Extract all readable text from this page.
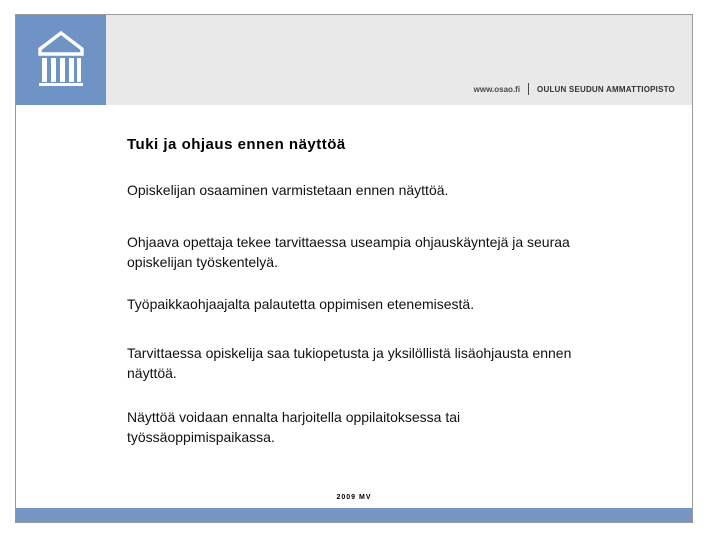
www.osao.fi OULUN SEUDUN AMMATTIOPISTO
Tuki ja ohjaus ennen näyttöä

Opiskelijan osaaminen varmistetaan ennen näyttöä.

Ohjaava opettaja tekee tarvittaessa useampia ohjauskäyntejä ja seuraa opiskelijan työskentelyä.

Työpaikkaohjaajalta palautetta oppimisen etenemisestä.

Tarvittaessa opiskelija saa tukiopetusta ja yksilöllistä lisäohjausta ennen näyttöä.

Näyttöä voidaan ennalta harjoitella oppilaitoksessa tai työssäoppimispaikassa.

2009 MV
